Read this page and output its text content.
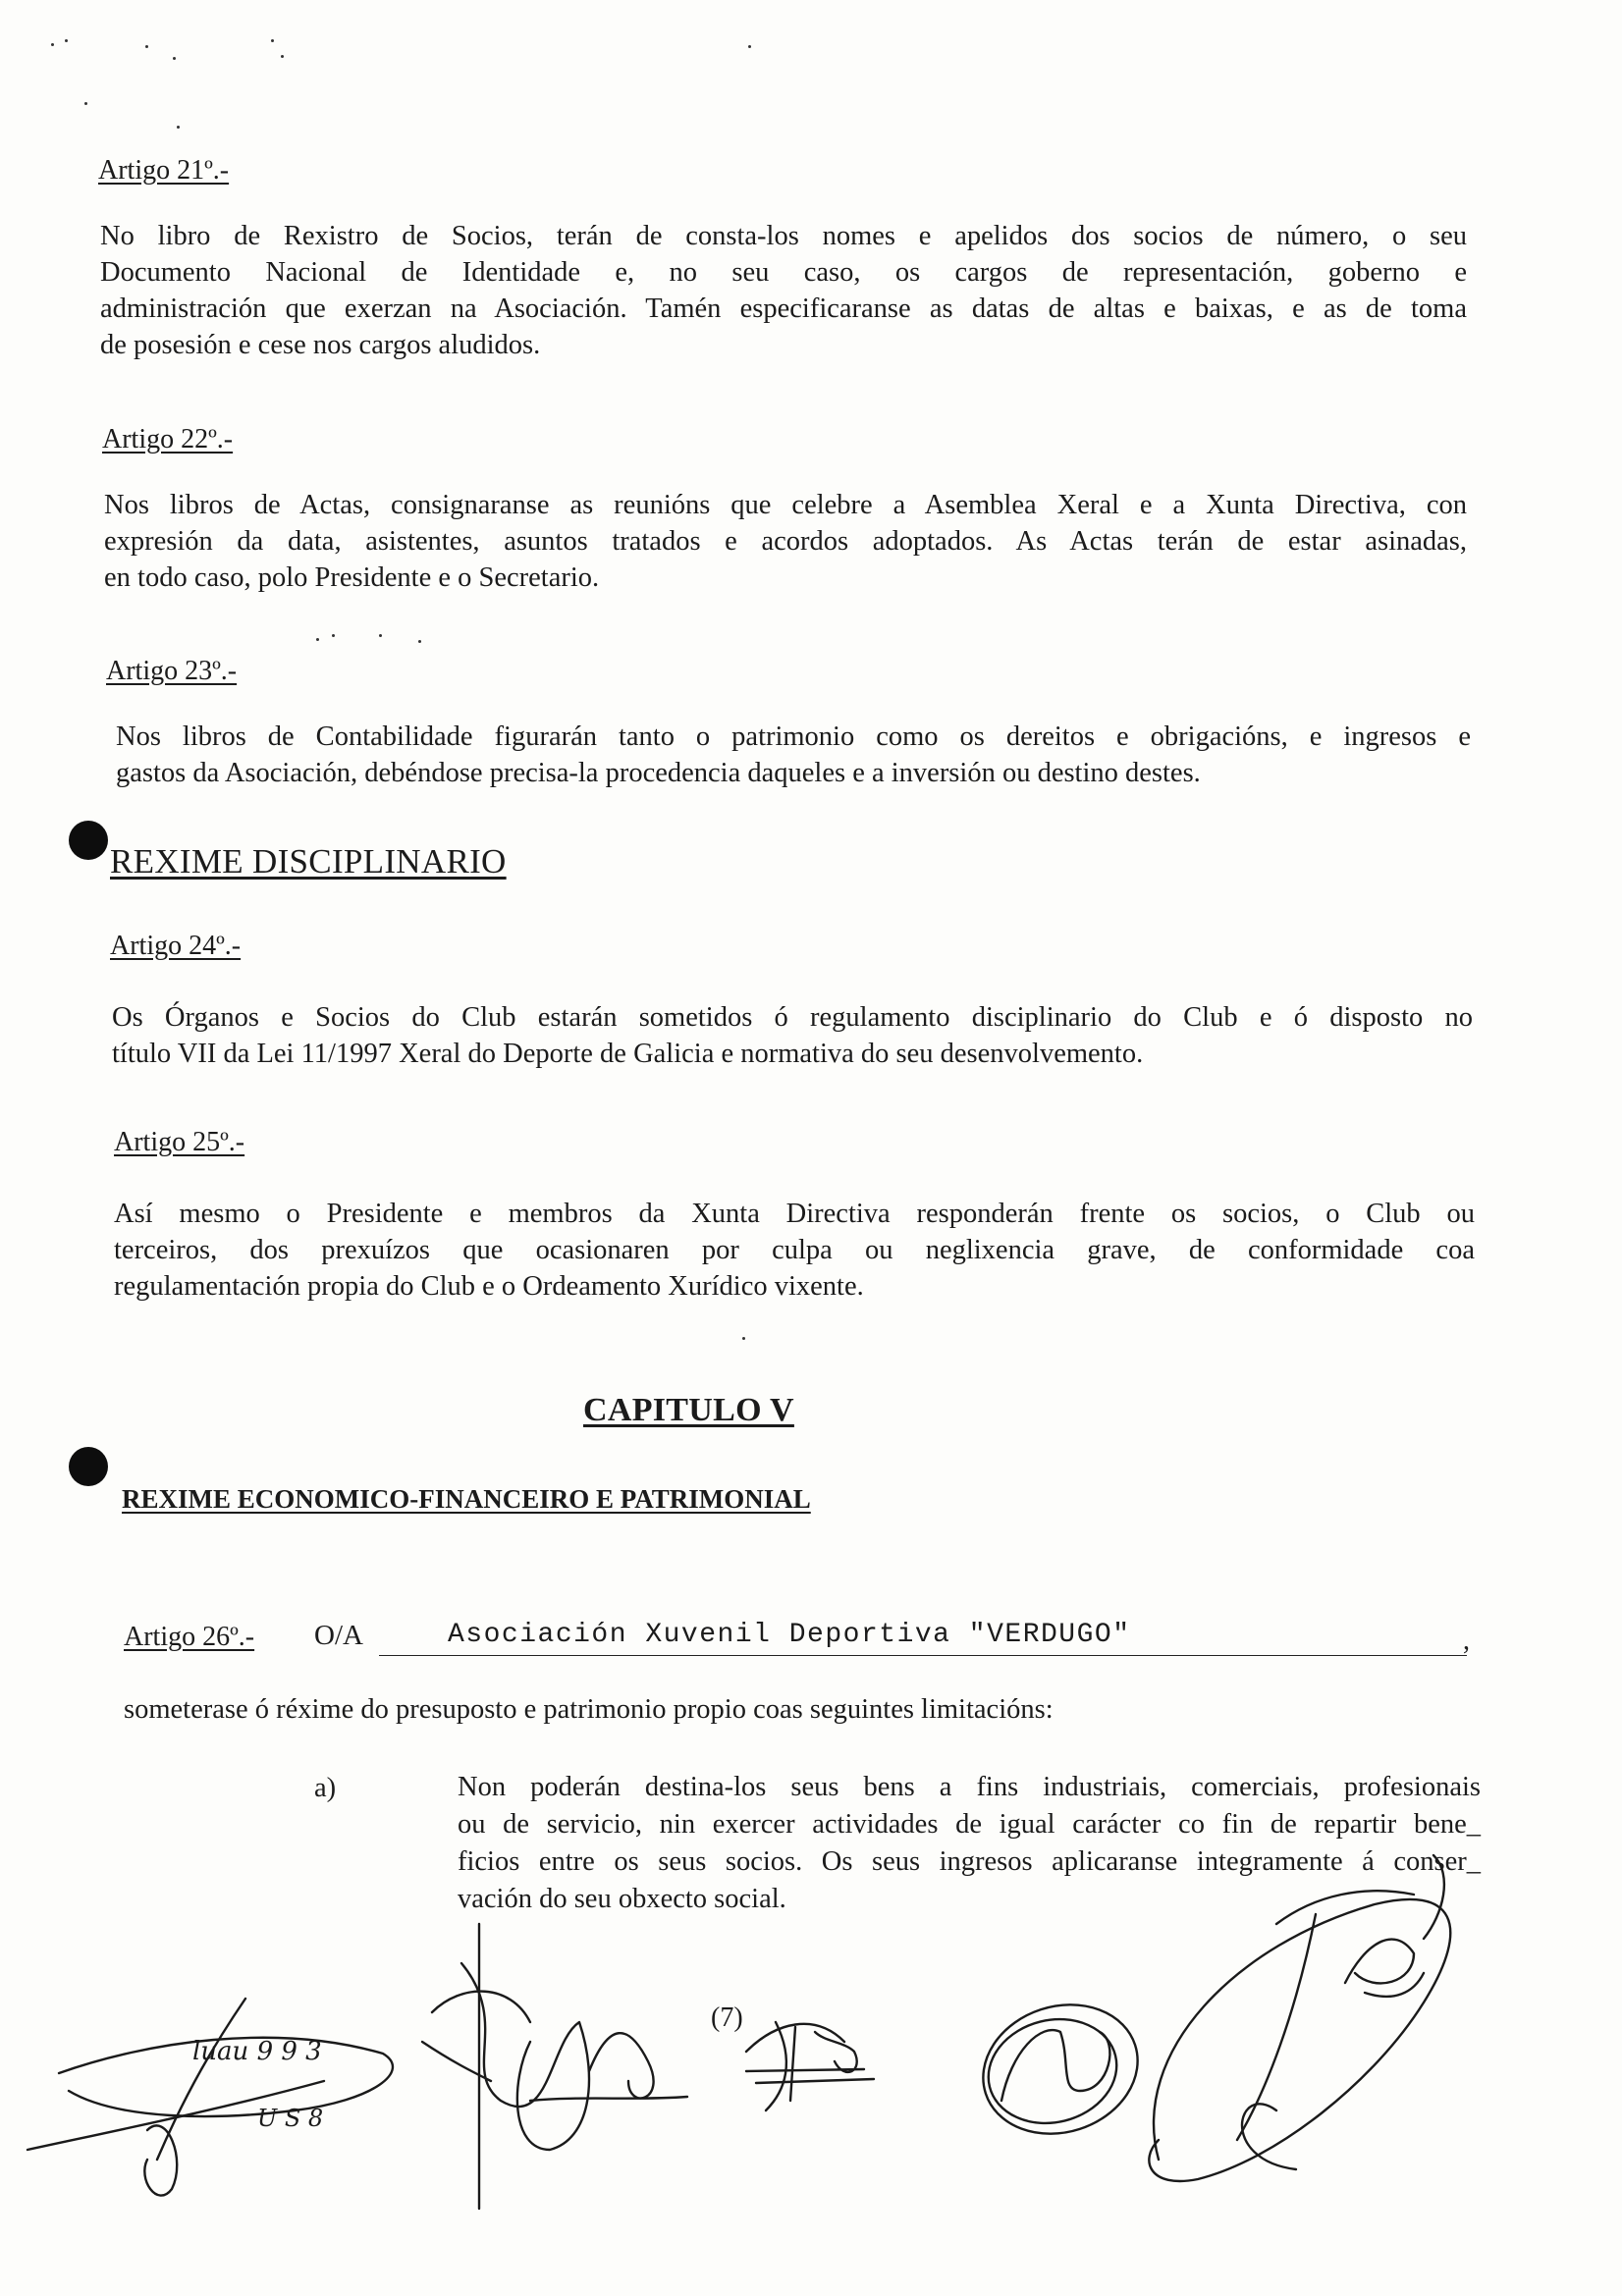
Artigo 21º.-

No libro de Rexistro de Socios, terán de consta-los nomes e apelidos dos socios de número, o seu
Documento Nacional de Identidade e, no seu caso, os cargos de representación, goberno e
administración que exerzan na Asociación. Tamén especificaranse as datas de altas e baixas, e as de toma
de posesión e cese nos cargos aludidos.

Artigo 22º.-

Nos libros de Actas, consignaranse as reunións que celebre a Asemblea Xeral e a Xunta Directiva, con
expresión da data, asistentes, asuntos tratados e acordos adoptados. As Actas terán de estar asinadas,
en todo caso, polo Presidente e o Secretario.

Artigo 23º.-

Nos libros de Contabilidade figurarán tanto o patrimonio como os dereitos e obrigacións, e ingresos e
gastos da Asociación, debéndose precisa-la procedencia daqueles e a inversión ou destino destes.

REXIME DISCIPLINARIO
Artigo 24º.-

Os Órganos e Socios do Club estarán sometidos ó regulamento disciplinario do Club e ó disposto no
título VII da Lei 11/1997 Xeral do Deporte de Galicia e normativa do seu desenvolvemento.

Artigo 25º.-

Así mesmo o Presidente e membros da Xunta Directiva responderán frente os socios, o Club ou
terceiros, dos prexuízos que ocasionaren por culpa ou neglixencia grave, de conformidade coa
regulamentación propia do Club e o Ordeamento Xurídico vixente.

CAPITULO V
REXIME ECONOMICO-FINANCEIRO E PATRIMONIAL
Artigo 26º.- O/A	Asociación Xuvenil Deportiva "VERDUGO"	,
someterase ó réxime do presuposto e patrimonio propio coas seguintes limitacións:
a)	Non poderán destina-los seus bens a fins industriais, comerciais, profesionais
ou de servicio, nin exercer actividades de igual carácter co fin de repartir bene_
ficios entre os seus socios. Os seus ingresos aplicaranse integramente á conser_
vación do seu obxecto social.

(7)
luau 9 9 3
U S 8
